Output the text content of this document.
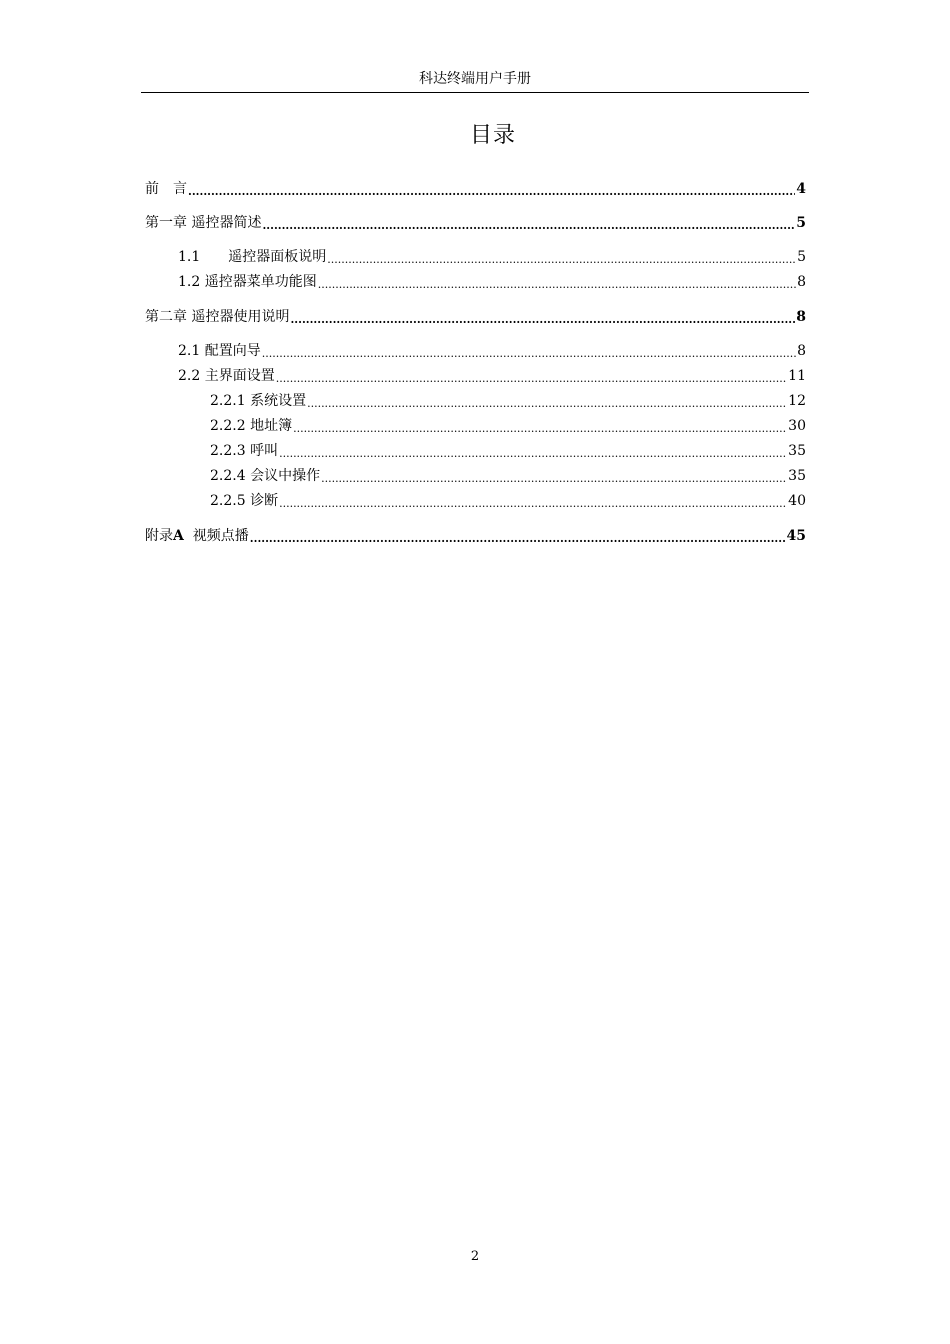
科达终端用户手册
目录
前　言 .....	4
第一章 遥控器简述 .....	5
1.1　　遥控器面板说明 .....	5
1.2 遥控器菜单功能图 .....	8
第二章 遥控器使用说明 .....	8
2.1 配置向导 .....	8
2.2 主界面设置 .....	11
2.2.1 系统设置 .....	12
2.2.2 地址簿 .....	30
2.2.3 呼叫 .....	35
2.2.4 会议中操作 .....	35
2.2.5 诊断 .....	40
附录A 视频点播 .....	45
2
